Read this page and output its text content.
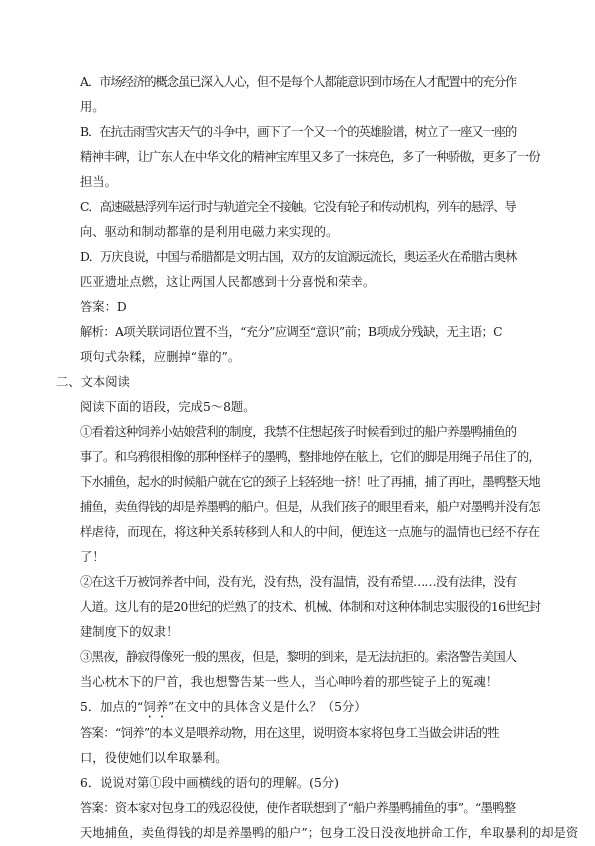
A．市场经济的概念虽已深入人心，但不是每个人都能意识到市场在人才配置中的充分作
用。

B．在抗击雨雪灾害天气的斗争中，画下了一个又一个的英雄脸谱，树立了一座又一座的
精神丰碑，让广东人在中华文化的精神宝库里又多了一抹亮色，多了一种骄傲，更多了一份
担当。

C．高速磁悬浮列车运行时与轨道完全不接触。它没有轮子和传动机构，列车的悬浮、导
向、驱动和制动都靠的是利用电磁力来实现的。

D．万庆良说，中国与希腊都是文明古国，双方的友谊源远流长，奥运圣火在希腊古奥林
匹亚遗址点燃，这让两国人民都感到十分喜悦和荣幸。

答案：D

解析：A项关联词语位置不当，“充分”应调至“意识”前；B项成分残缺，无主语；C
项句式杂糅，应删掉“靠的”。

二、文本阅读

阅读下面的语段，完成5～8题。

①看着这种饲养小姑娘营利的制度，我禁不住想起孩子时候看到过的船户养墨鸭捕鱼的
事了。和乌鸦很相像的那种怪样子的墨鸭，整排地停在舷上，它们的脚是用绳子吊住了的，
下水捕鱼，起水的时候船户就在它的颈子上轻轻地一挤！吐了再捕，捕了再吐，墨鸭整天地
捕鱼，卖鱼得钱的却是养墨鸭的船户。但是，从我们孩子的眼里看来，船户对墨鸭并没有怎
样虐待，而现在，将这种关系转移到人和人的中间，便连这一点施与的温情也已经不存在
了！

②在这千万被饲养者中间，没有光，没有热，没有温情，没有希望……没有法律，没有
人道。这儿有的是20世纪的烂熟了的技术、机械、体制和对这种体制忠实服役的16世纪封
建制度下的奴隶！

③黑夜，静寂得像死一般的黑夜，但是，黎明的到来，是无法抗拒的。索洛警告美国人
当心枕木下的尸首，我也想警告某一些人，当心呻吟着的那些锭子上的冤魂！

5．加点的“饲养”在文中的具体含义是什么？（5分）

答案：“饲养”的本义是喂养动物，用在这里，说明资本家将包身工当做会讲话的牲
口，役使她们以牟取暴利。

6．说说对第①段中画横线的语句的理解。(5分)

答案：资本家对包身工的残忍役使，使作者联想到了“船户养墨鸭捕鱼的事”。“墨鸭整
天地捕鱼，卖鱼得钱的却是养墨鸭的船户”；包身工没日没夜地拼命工作，牟取暴利的却是资
